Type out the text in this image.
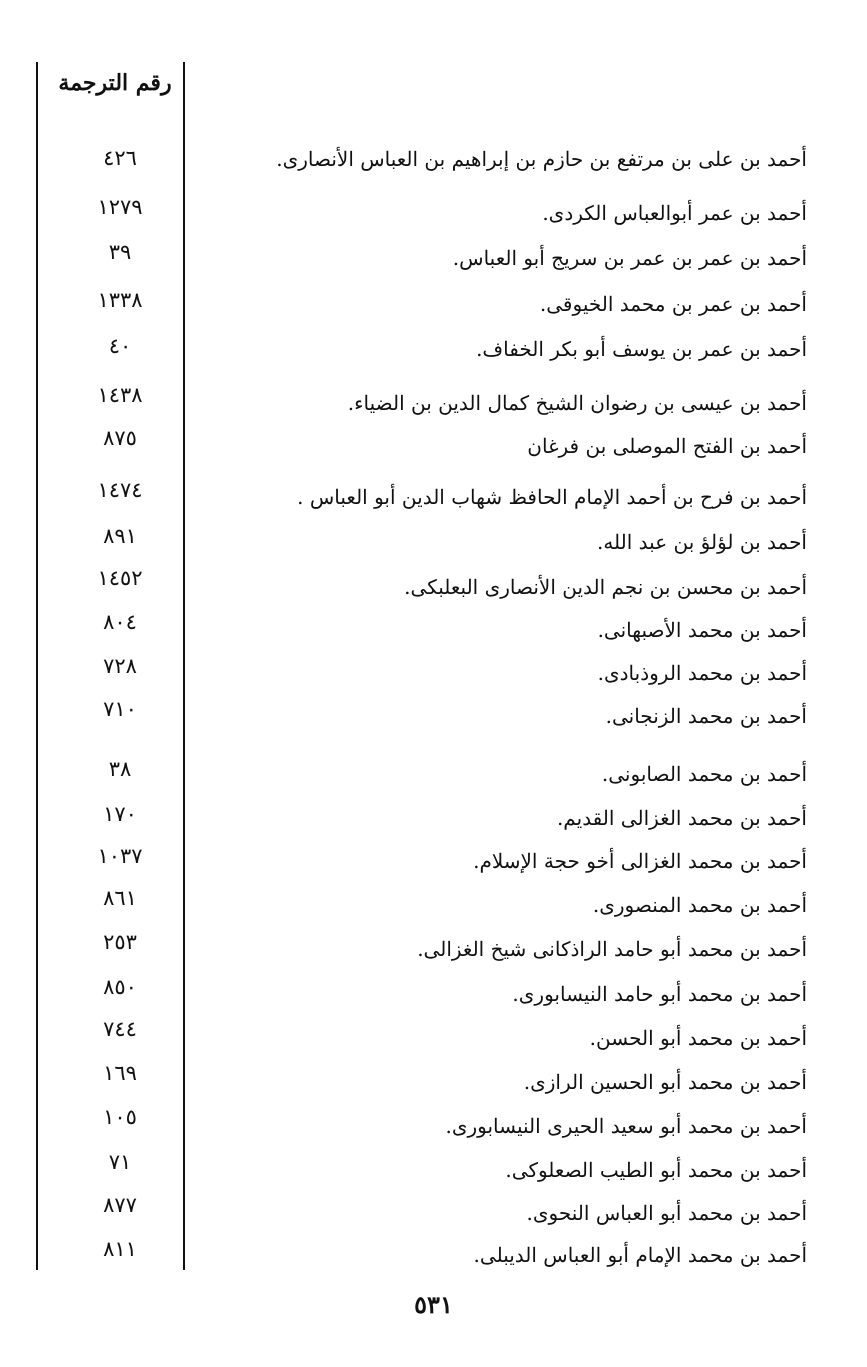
رقم الترجمة
٤٢٦	أحمد بن على بن مرتفع بن حازم بن إبراهيم بن العباس الأنصارى.
١٢٧٩	أحمد بن عمر أبوالعباس الكردى.
٣٩	أحمد بن عمر بن عمر بن سريج أبو العباس.
١٣٣٨	أحمد بن عمر بن محمد الخيوقى.
٤٠	أحمد بن عمر بن يوسف أبو بكر الخفاف.
١٤٣٨	أحمد بن عيسى بن رضوان الشيخ كمال الدين بن الضياء.
٨٧٥	أحمد بن الفتح الموصلى بن فرغان
١٤٧٤	أحمد بن فرح بن أحمد الإمام الحافظ شهاب الدين أبو العباس .
٨٩١	أحمد بن لؤلؤ بن عبد الله.
١٤٥٢	أحمد بن محسن بن نجم الدين الأنصارى البعلبكى.
٨٠٤	أحمد بن محمد الأصبهانى.
٧٢٨	أحمد بن محمد الروذبادى.
٧١٠	أحمد بن محمد الزنجانى.
٣٨	أحمد بن محمد الصابونى.
١٧٠	أحمد بن محمد الغزالى القديم.
١٠٣٧	أحمد بن محمد الغزالى أخو حجة الإسلام.
٨٦١	أحمد بن محمد المنصورى.
٢٥٣	أحمد بن محمد أبو حامد الراذكانى شيخ الغزالى.
٨٥٠	أحمد بن محمد أبو حامد النيسابورى.
٧٤٤	أحمد بن محمد أبو الحسن.
١٦٩	أحمد بن محمد أبو الحسين الرازى.
١٠٥	أحمد بن محمد أبو سعيد الحيرى النيسابورى.
٧١	أحمد بن محمد أبو الطيب الصعلوكى.
٨٧٧	أحمد بن محمد أبو العباس النحوى.
٨١١	أحمد بن محمد الإمام أبو العباس الديبلى.
٥٣١
